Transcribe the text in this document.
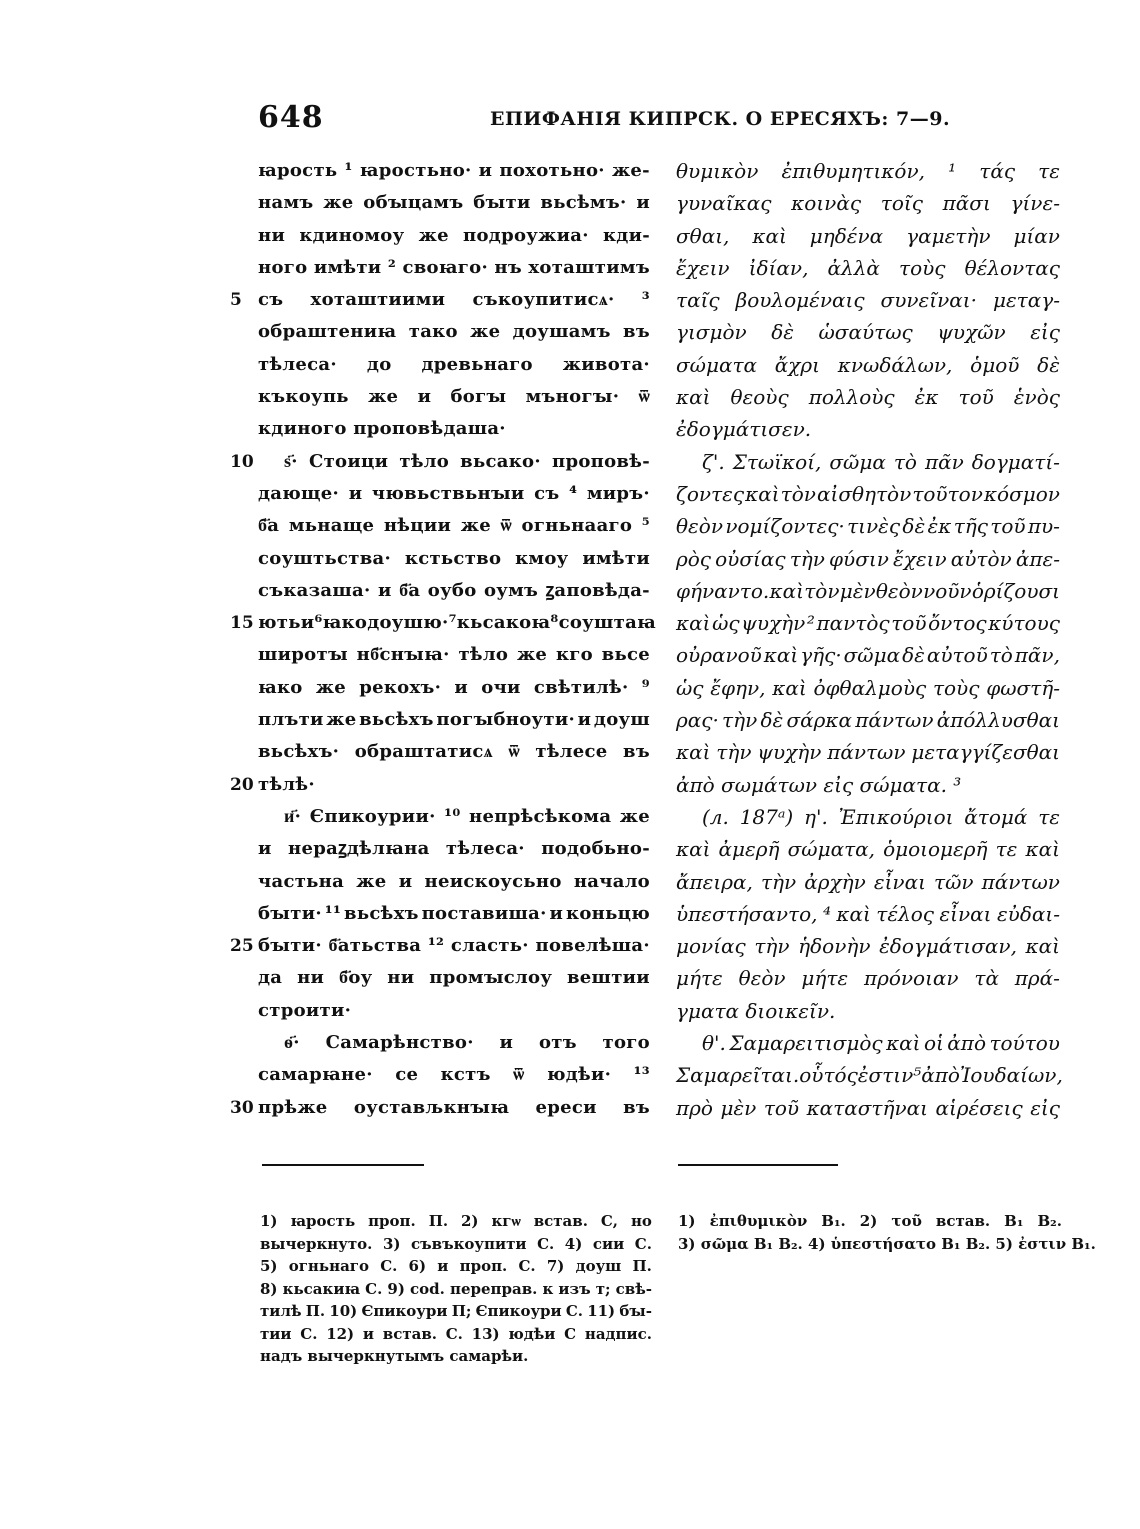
648	ЕПИФАНІЯ КИПРСК. О ЕРЕСЯХЪ: 7—9.
5
10
15
20
25
30
ꙗрость ¹ ꙗростьно· и похотьно· же-
намъ же обꙑцамъ бꙑти вьсѣмъ· и
ни кдиномоу же подроужиа· кди-
ного имѣти ² своꙗго· нъ хоташтимъ
съ хоташтиими съкоупитисѧ· ³
обраштениꙗ тако же доушамъ въ
тѣлеса· до древьнаго живота·
къкоупь же и богꙑ мъногꙑ· ѿ
кдиного проповѣдаша·
ѕ҃· Стоици тѣло вьсако· проповѣ-
дающе· и чювьствьнꙑи съ ⁴ миръ·
б҃а мьнаще нѣции же ѿ огньнааго ⁵
соуштьства· кстьство кмоу имѣти
съказаша· и б҃а оубо оумъ ꙁаповѣда-
ють и ⁶ ꙗко доушю· ⁷ кьсакоꙗ ⁸ соуштаꙗ
широтꙑ нб҃снꙑꙗ· тѣло же кго вьсе
ꙗко же рекохъ· и очи свѣтилѣ· ⁹
плъти же вьсѣхъ погꙑбноути· и доуш
вьсѣхъ· обраштатисѧ ѿ тѣлесе въ
тѣлѣ·
и҃· Єпикоурии· ¹⁰ непрѣсѣкома же
и нераꙁдѣлꙗна тѣлеса· подобьно-
частьна же и неискоусьно начало
бꙑти· ¹¹ вьсѣхъ поставиша· и коньцю
бꙑти· б҃атьства ¹² сласть· повелѣша·
да ни б҃оу ни промꙑслоу вештии
строити·
ѳ҃· Самарѣнство· и отъ того
самарꙗне· се кстъ ѿ юдѣи· ¹³
прѣже оустављкнꙑꙗ ереси въ
θυμικὸν ἐπιθυμητικόν, ¹ τάς τε
γυναῖκας κοινὰς τοῖς πᾶσι γίνε-
σθαι, καὶ μηδένα γαμετὴν μίαν
ἔχειν ἰδίαν, ἀλλὰ τοὺς θέλοντας
ταῖς βουλομέναις συνεῖναι· μεταγ-
γισμὸν δὲ ὡσαύτως ψυχῶν εἰς
σώματα ἄχρι κνωδάλων, ὁμοῦ δὲ
καὶ θεοὺς πολλοὺς ἐκ τοῦ ἑνὸς
ἐδογμάτισεν.
ζ'. Στωϊκοί, σῶμα τὸ πᾶν δογματί-
ζοντες καὶ τὸν αἰσθητὸν τοῦτον κόσμον
θεὸν νομίζοντες· τινὲς δὲ ἐκ τῆς τοῦ πυ-
ρὸς οὐσίας τὴν φύσιν ἔχειν αὐτὸν ἀπε-
φήναντο. καὶ τὸν μὲν θεὸν νοῦν ὁρίζουσι
καὶ ὡς ψυχὴν ² παντὸς τοῦ ὄντος κύτους
οὐρανοῦ καὶ γῆς· σῶμα δὲ αὐτοῦ τὸ πᾶν,
ὡς ἔφην, καὶ ὀφθαλμοὺς τοὺς φωστῆ-
ρας· τὴν δὲ σάρκα πάντων ἀπόλλυσθαι
καὶ τὴν ψυχὴν πάντων μεταγγίζεσθαι
ἀπὸ σωμάτων εἰς σώματα. ³
(л. 187ᵃ) η'. Ἐπικούριοι ἄτομά τε
καὶ ἀμερῆ σώματα, ὁμοιομερῆ τε καὶ
ἄπειρα, τὴν ἀρχὴν εἶναι τῶν πάντων
ὑπεστήσαντο, ⁴ καὶ τέλος εἶναι εὐδαι-
μονίας τὴν ἡδονὴν ἐδογμάτισαν, καὶ
μήτε θεὸν μήτε πρόνοιαν τὰ πρά-
γματα διοικεῖν.
θ'. Σαμαρειτισμὸς καὶ οἱ ἀπὸ τούτου
Σαμαρεῖται. οὗτός ἐστιν ⁵ ἀπὸ Ἰουδαίων,
πρὸ μὲν τοῦ καταστῆναι αἱρέσεις εἰς
1) ꙗрость проп. П. 2) кгѡ встав. С, но
вычеркнуто. 3) съвъкоупити С. 4) сии С.
5) огньнаго С. 6) и проп. С. 7) доуш П.
8) кьсакиꙗ С. 9) cod. переправ. к изъ т; свѣ-
тилѣ П. 10) Єпикоури П; Єпикоури С. 11) бꙑ-
тии С. 12) и встав. С. 13) юдѣи С надпис.
надъ вычеркнутымъ самарѣи.
1) ἐπιθυμικὸν B₁. 2) τοῦ встав. B₁ B₂.
3) σῶμα B₁ B₂. 4) ὑπεστήσατο B₁ B₂. 5) ἐστιν B₁.
